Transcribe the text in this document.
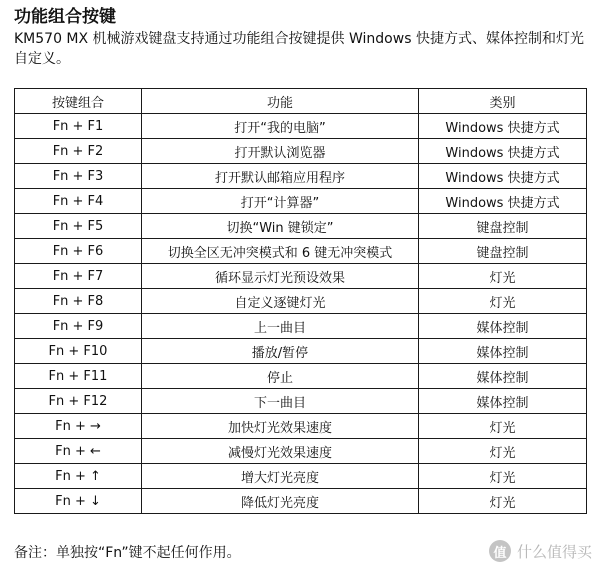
功能组合按键
KM570 MX 机械游戏键盘支持通过功能组合按键提供 Windows 快捷方式、媒体控制和灯光自定义。
按键组合	功能	类别
Fn + F1	打开“我的电脑”	Windows 快捷方式
Fn + F2	打开默认浏览器	Windows 快捷方式
Fn + F3	打开默认邮箱应用程序	Windows 快捷方式
Fn + F4	打开“计算器”	Windows 快捷方式
Fn + F5	切换“Win 键锁定”	键盘控制
Fn + F6	切换全区无冲突模式和 6 键无冲突模式	键盘控制
Fn + F7	循环显示灯光预设效果	灯光
Fn + F8	自定义逐键灯光	灯光
Fn + F9	上一曲目	媒体控制
Fn + F10	播放/暂停	媒体控制
Fn + F11	停止	媒体控制
Fn + F12	下一曲目	媒体控制
Fn + →	加快灯光效果速度	灯光
Fn + ←	减慢灯光效果速度	灯光
Fn + ↑	增大灯光亮度	灯光
Fn + ↓	降低灯光亮度	灯光
备注：单独按“Fn”键不起任何作用。	值 什么值得买
